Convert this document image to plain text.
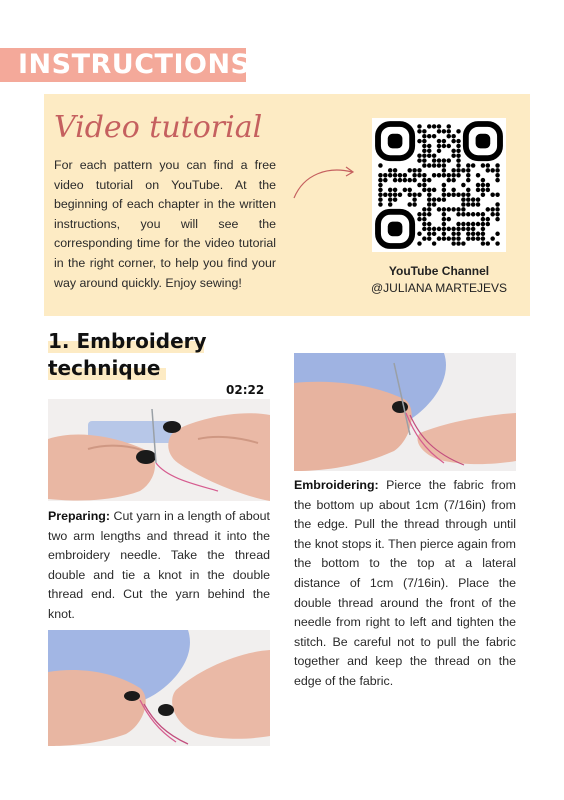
INSTRUCTIONS
Video tutorial
For each pattern you can find a free video tutorial on YouTube. At the beginning of each chapter in the written instructions, you will see the corresponding time for the video tutorial in the right corner, to help you find your way around quickly. Enjoy sewing!
YouTube Channel
@JULIANA MARTEJEVS
1. Embroidery
technique
02:22
Preparing: Cut yarn in a length of about two arm lengths and thread it into the embroidery needle. Take the thread double and tie a knot in the double thread end. Cut the yarn behind the knot.
Embroidering: Pierce the fabric from the bottom up about 1cm (7/16in) from the edge. Pull the thread through until the knot stops it. Then pierce again from the bottom to the top at a lateral distance of 1cm (7/16in). Place the double thread around the front of the needle from right to left and tighten the stitch. Be careful not to pull the fabric together and keep the thread on the edge of the fabric.
